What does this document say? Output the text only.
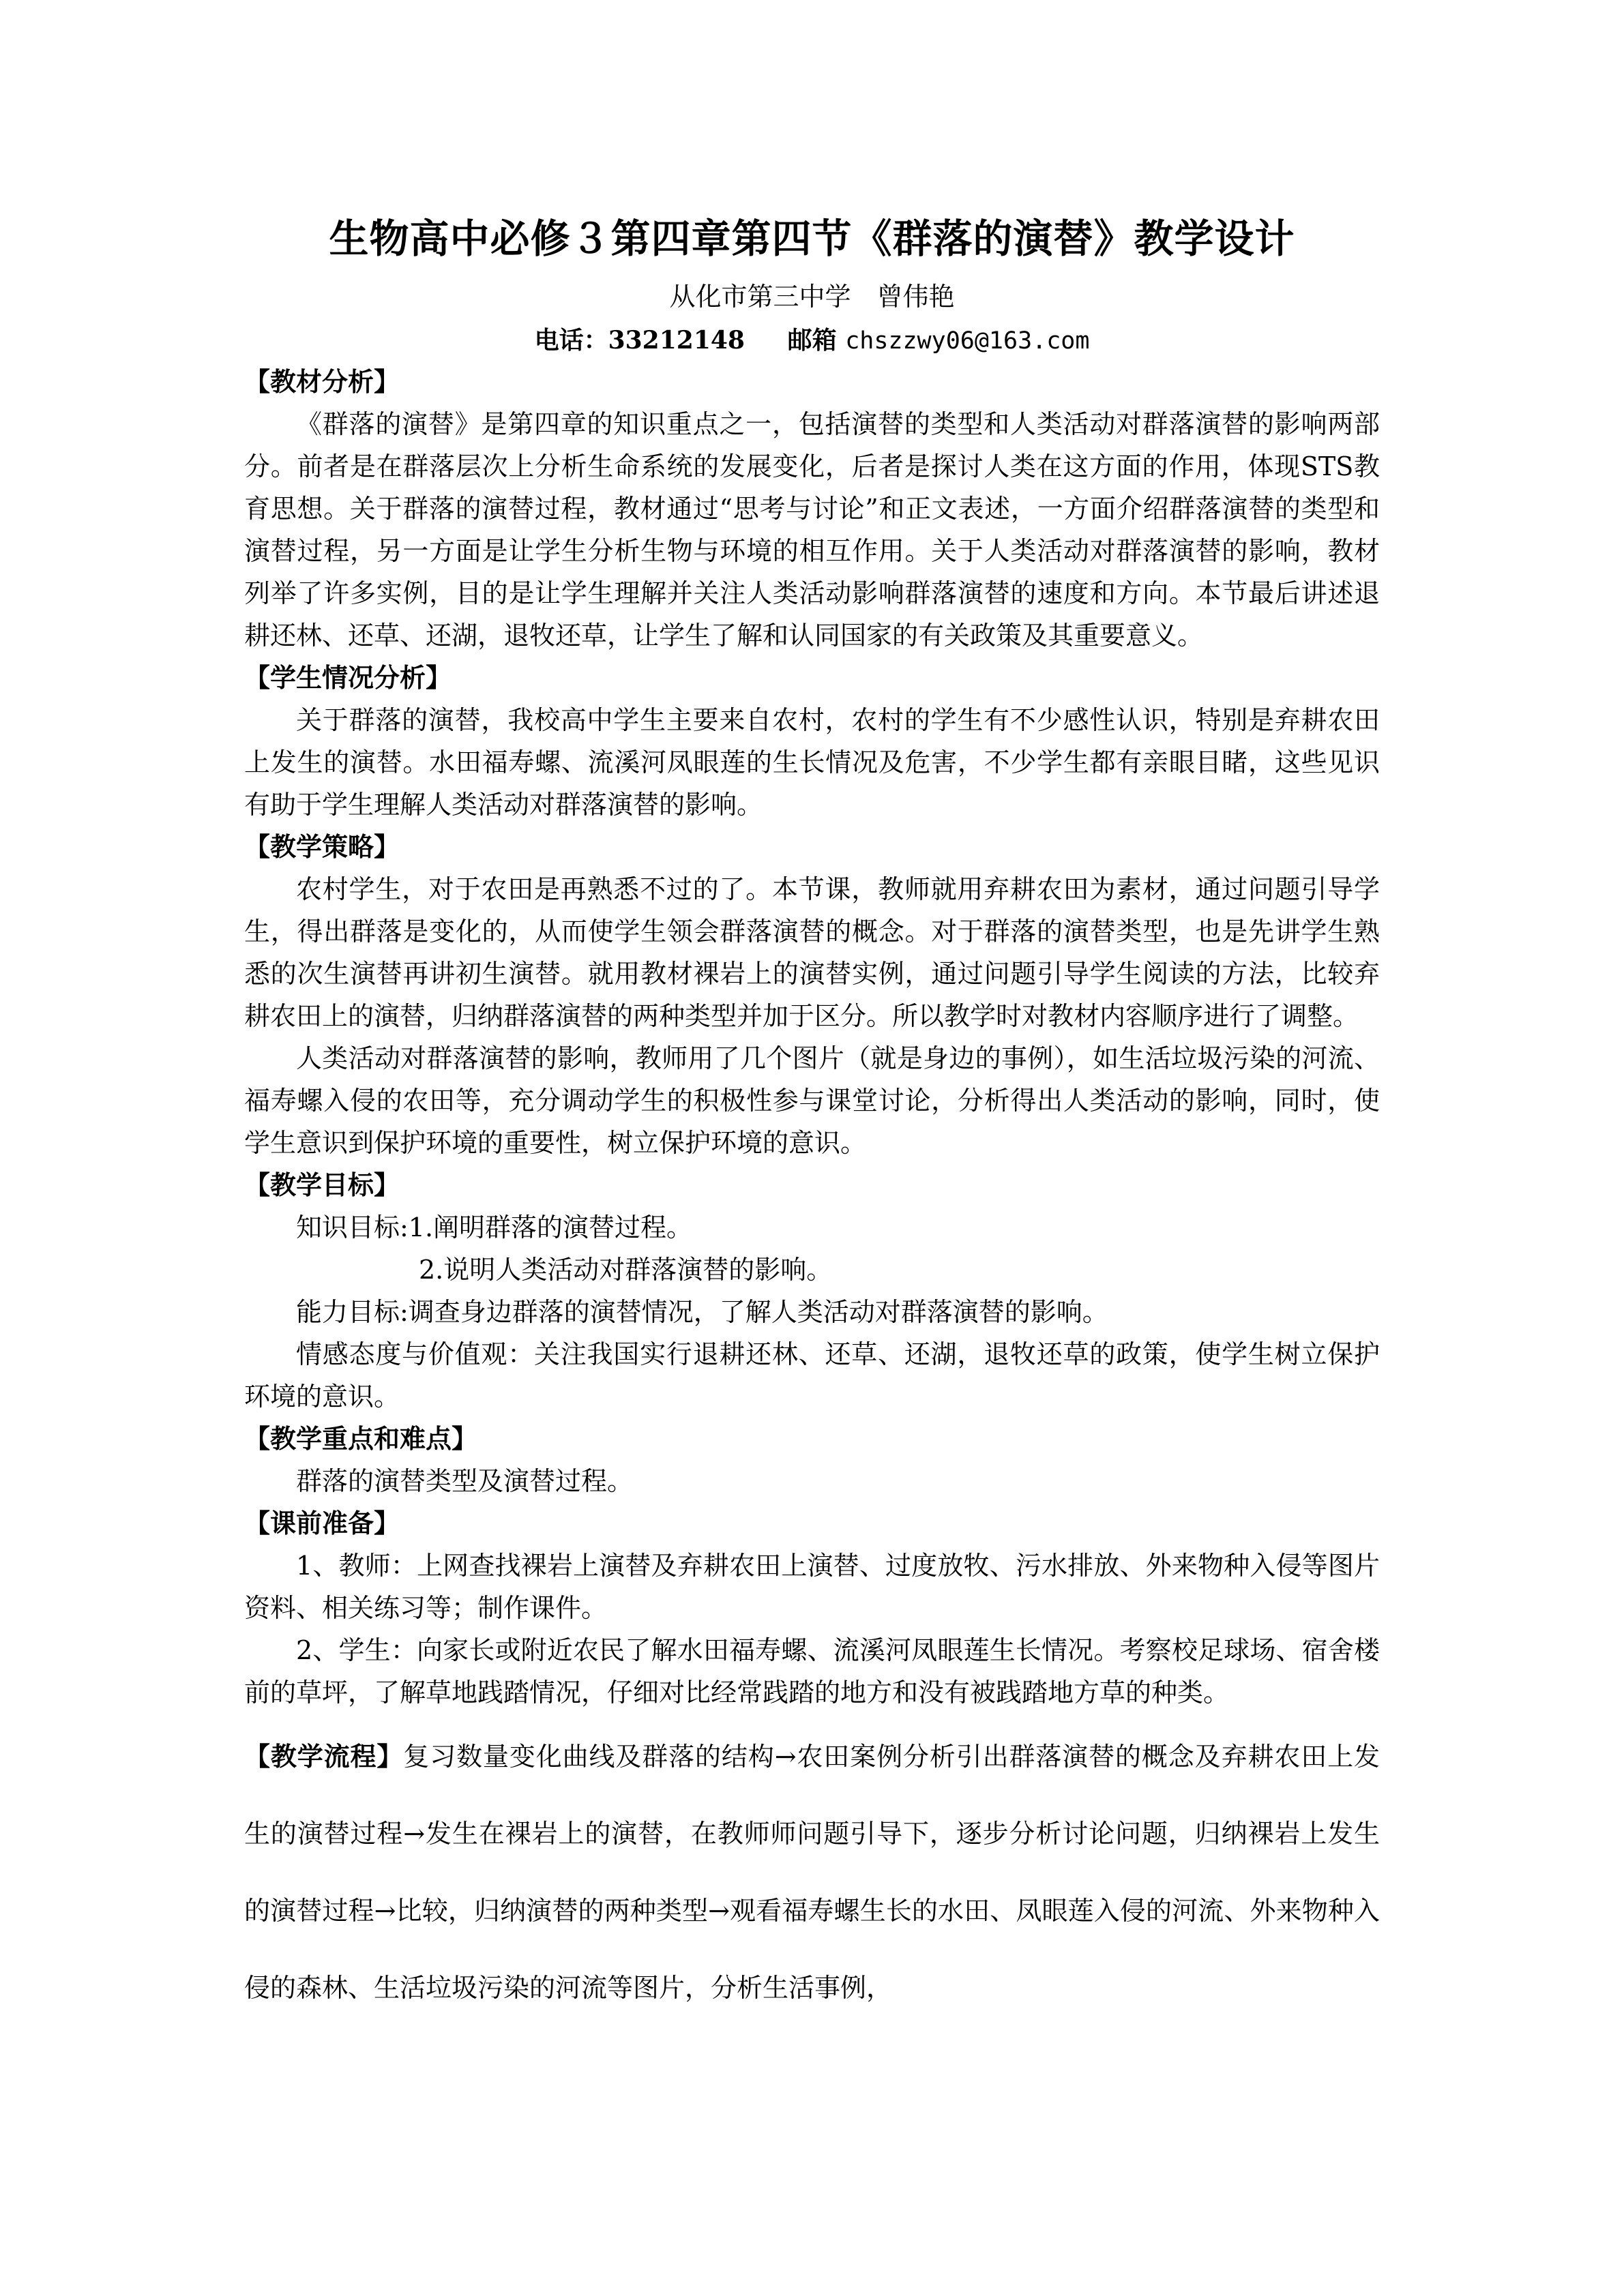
生物高中必修３第四章第四节《群落的演替》教学设计

从化市第三中学　曾伟艳

电话：33212148 邮箱 chszzwy06@163.com

【教材分析】

《群落的演替》是第四章的知识重点之一，包括演替的类型和人类活动对群落演替的影响两部分。前者是在群落层次上分析生命系统的发展变化，后者是探讨人类在这方面的作用，体现STS教育思想。关于群落的演替过程，教材通过“思考与讨论”和正文表述，一方面介绍群落演替的类型和演替过程，另一方面是让学生分析生物与环境的相互作用。关于人类活动对群落演替的影响，教材列举了许多实例，目的是让学生理解并关注人类活动影响群落演替的速度和方向。本节最后讲述退耕还林、还草、还湖，退牧还草，让学生了解和认同国家的有关政策及其重要意义。

【学生情况分析】

关于群落的演替，我校高中学生主要来自农村，农村的学生有不少感性认识，特别是弃耕农田上发生的演替。水田福寿螺、流溪河凤眼莲的生长情况及危害，不少学生都有亲眼目睹，这些见识有助于学生理解人类活动对群落演替的影响。

【教学策略】

农村学生，对于农田是再熟悉不过的了。本节课，教师就用弃耕农田为素材，通过问题引导学生，得出群落是变化的，从而使学生领会群落演替的概念。对于群落的演替类型，也是先讲学生熟悉的次生演替再讲初生演替。就用教材裸岩上的演替实例，通过问题引导学生阅读的方法，比较弃耕农田上的演替，归纳群落演替的两种类型并加于区分。所以教学时对教材内容顺序进行了调整。

人类活动对群落演替的影响，教师用了几个图片（就是身边的事例），如生活垃圾污染的河流、福寿螺入侵的农田等，充分调动学生的积极性参与课堂讨论，分析得出人类活动的影响，同时，使学生意识到保护环境的重要性，树立保护环境的意识。

【教学目标】

知识目标:1.阐明群落的演替过程。

2.说明人类活动对群落演替的影响。

能力目标:调查身边群落的演替情况，了解人类活动对群落演替的影响。

情感态度与价值观：关注我国实行退耕还林、还草、还湖，退牧还草的政策，使学生树立保护环境的意识。

【教学重点和难点】

群落的演替类型及演替过程。

【课前准备】

1、教师：上网查找裸岩上演替及弃耕农田上演替、过度放牧、污水排放、外来物种入侵等图片资料、相关练习等；制作课件。

2、学生：向家长或附近农民了解水田福寿螺、流溪河凤眼莲生长情况。考察校足球场、宿舍楼前的草坪，了解草地践踏情况，仔细对比经常践踏的地方和没有被践踏地方草的种类。

【教学流程】复习数量变化曲线及群落的结构→农田案例分析引出群落演替的概念及弃耕农田上发生的演替过程→发生在裸岩上的演替，在教师师问题引导下，逐步分析讨论问题，归纳裸岩上发生的演替过程→比较，归纳演替的两种类型→观看福寿螺生长的水田、凤眼莲入侵的河流、外来物种入侵的森林、生活垃圾污染的河流等图片，分析生活事例，
